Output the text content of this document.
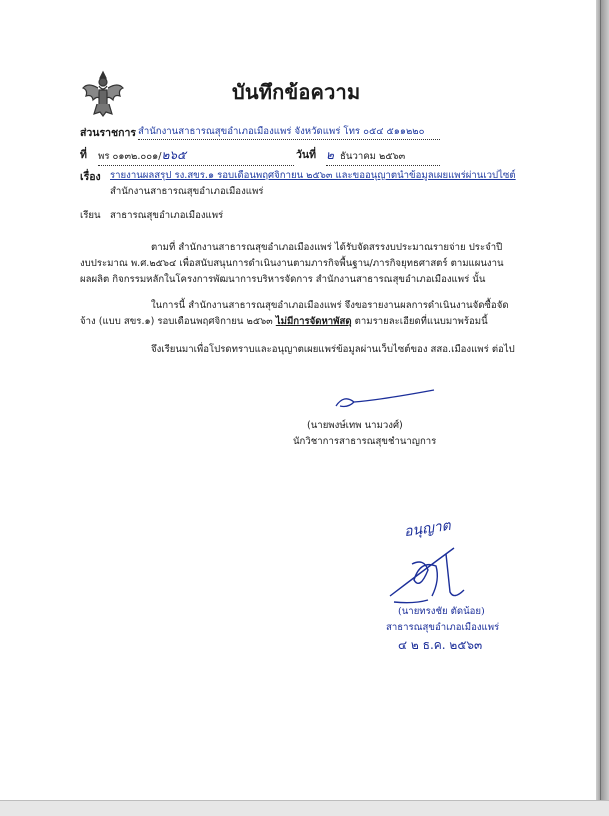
บันทึกข้อความ
ส่วนราชการ สำนักงานสาธารณสุขอำเภอเมืองแพร่ จังหวัดแพร่ โทร ๐๕๔ ๕๑๑๒๒๐
ที่ พร ๐๑๓๒.๐๐๑/๒๖๕	วันที่ ๒ ธันวาคม ๒๕๖๓
เรื่อง รายงานผลสรุป รง.สขร.๑ รอบเดือนพฤศจิกายน ๒๕๖๓ และขออนุญาตนำข้อมูลเผยแพร่ผ่านเวปไซต์
สำนักงานสาธารณสุขอำเภอเมืองแพร่
เรียน สาธารณสุขอำเภอเมืองแพร่
ตามที่ สำนักงานสาธารณสุขอำเภอเมืองแพร่ ได้รับจัดสรรงบประมาณรายจ่าย ประจำปี
งบประมาณ พ.ศ.๒๕๖๔ เพื่อสนับสนุนการดำเนินงานตามภารกิจพื้นฐาน/ภารกิจยุทธศาสตร์ ตามแผนงาน
ผลผลิต กิจกรรมหลักในโครงการพัฒนาการบริหารจัดการ สำนักงานสาธารณสุขอำเภอเมืองแพร่ นั้น
ในการนี้ สำนักงานสาธารณสุขอำเภอเมืองแพร่ จึงขอรายงานผลการดำเนินงานจัดซื้อจัด
จ้าง (แบบ สขร.๑) รอบเดือนพฤศจิกายน ๒๕๖๓ ไม่มีการจัดหาพัสดุ ตามรายละเอียดที่แนบมาพร้อมนี้
จึงเรียนมาเพื่อโปรดทราบและอนุญาตเผยแพร่ข้อมูลผ่านเว็บไซต์ของ สสอ.เมืองแพร่ ต่อไป
(นายพงษ์เทพ นามวงศ์)
นักวิชาการสาธารณสุขชำนาญการ
อนุญาต
(นายทรงชัย ตัดน้อย)
สาธารณสุขอำเภอเมืองแพร่
๔ ๒ ธ.ค. ๒๕๖๓
